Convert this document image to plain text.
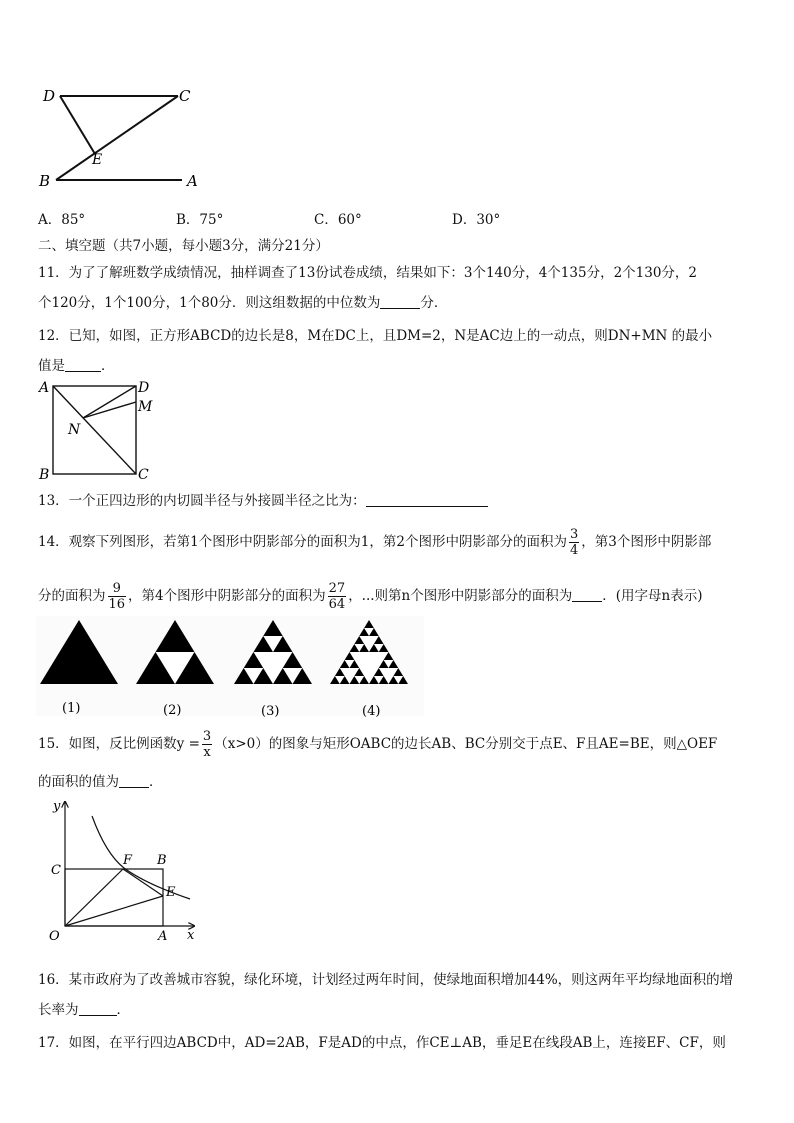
D	C
E
B	A
A．85°	B．75°	C．60°	D．30°
二、填空题（共7小题，每小题3分，满分21分）
11．为了了解班数学成绩情况，抽样调查了13份试卷成绩，结果如下：3个140分，4个135分，2个130分，2
个120分，1个100分，1个80分．则这组数据的中位数为	分．
12．已知，如图，正方形ABCD的边长是8，M在DC上，且DM=2，N是AC边上的一动点，则DN+MN 的最小
值是	．
A	D
M
N
B	C
13．一个正四边形的内切圆半径与外接圆半径之比为：
14．观察下列图形，若第1个图形中阴影部分的面积为1，第2个图形中阴影部分的面积为 $\frac{3}{4}$ ，第3个图形中阴影部
分的面积为 $\frac{9}{16}$ ，第4个图形中阴影部分的面积为 $\frac{27}{64}$ ，...则第n个图形中阴影部分的面积为 ．(用字母n表示)
(1)	(2)	(3)	(4)
15．如图，反比例函数$y = \frac{3}{x} (x>0)$的图象与矩形OABC的边长AB、BC分别交于点E、F且AE=BE，则△OEF
的面积的值为 ．
y
C
F B
E
O	A x
16．某市政府为了改善城市容貌，绿化环境，计划经过两年时间，使绿地面积增加44%，则这两年平均绿地面积的增
长率为	．
17．如图，在平行四边ABCD中，AD=2AB，F是AD的中点，作CE⊥AB，垂足E在线段AB上，连接EF、CF，则
